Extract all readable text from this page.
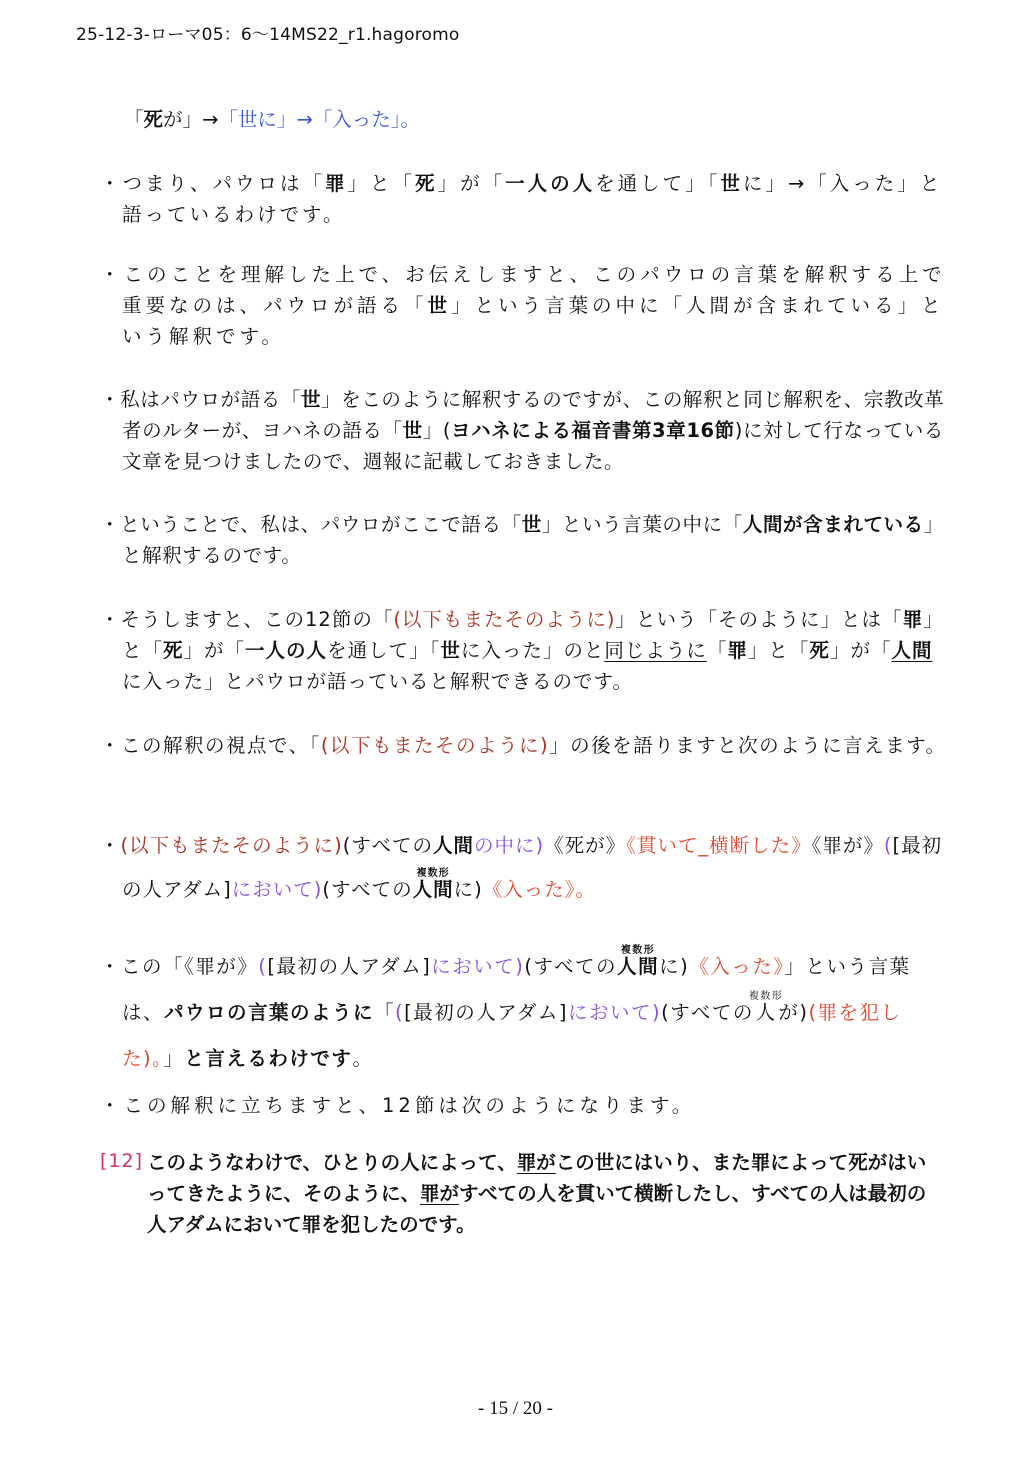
25-12-3-ローマ05：6〜14MS22_r1.hagoromo
「死が」→「世に」→「入った」。
・つまり、パウロは「罪」と「死」が「一人の人を通して」「世に」→「入った」と語っているわけです。
・このことを理解した上で、お伝えしますと、このパウロの言葉を解釈する上で重要なのは、パウロが語る「世」という言葉の中に「人間が含まれている」という解釈です。
・私はパウロが語る「世」をこのように解釈するのですが、この解釈と同じ解釈を、宗教改革者のルターが、ヨハネの語る「世」(ヨハネによる福音書第3章16節)に対して行なっている文章を見つけましたので、週報に記載しておきました。
・ということで、私は、パウロがここで語る「世」という言葉の中に「人間が含まれている」と解釈するのです。
・そうしますと、この12節の「(以下もまたそのように)」という「そのように」とは「罪」と「死」が「一人の人を通して」「世に入った」のと同じように「罪」と「死」が「人間に入った」とパウロが語っていると解釈できるのです。
・この解釈の視点で、「(以下もまたそのように)」の後を語りますと次のように言えます。
・(以下もまたそのように)(すべての人間の中に)《死が》《貫いて_横断した》《罪が》([最初の人アダム]において)(すべての人間複数形に)《入った》。
・この「《罪が》([最初の人アダム]において)(すべての人間複数形に)《入った》」という言葉は、パウロの言葉のように「([最初の人アダム]において)(すべての人複数形が)(罪を犯した)。」と言えるわけです。
・この解釈に立ちますと、12節は次のようになります。
[12] このようなわけで、ひとりの人によって、罪がこの世にはいり、また罪によって死がはいってきたように、そのように、罪がすべての人を貫いて横断したし、すべての人は最初の人アダムにおいて罪を犯したのです。
- 15 / 20 -
